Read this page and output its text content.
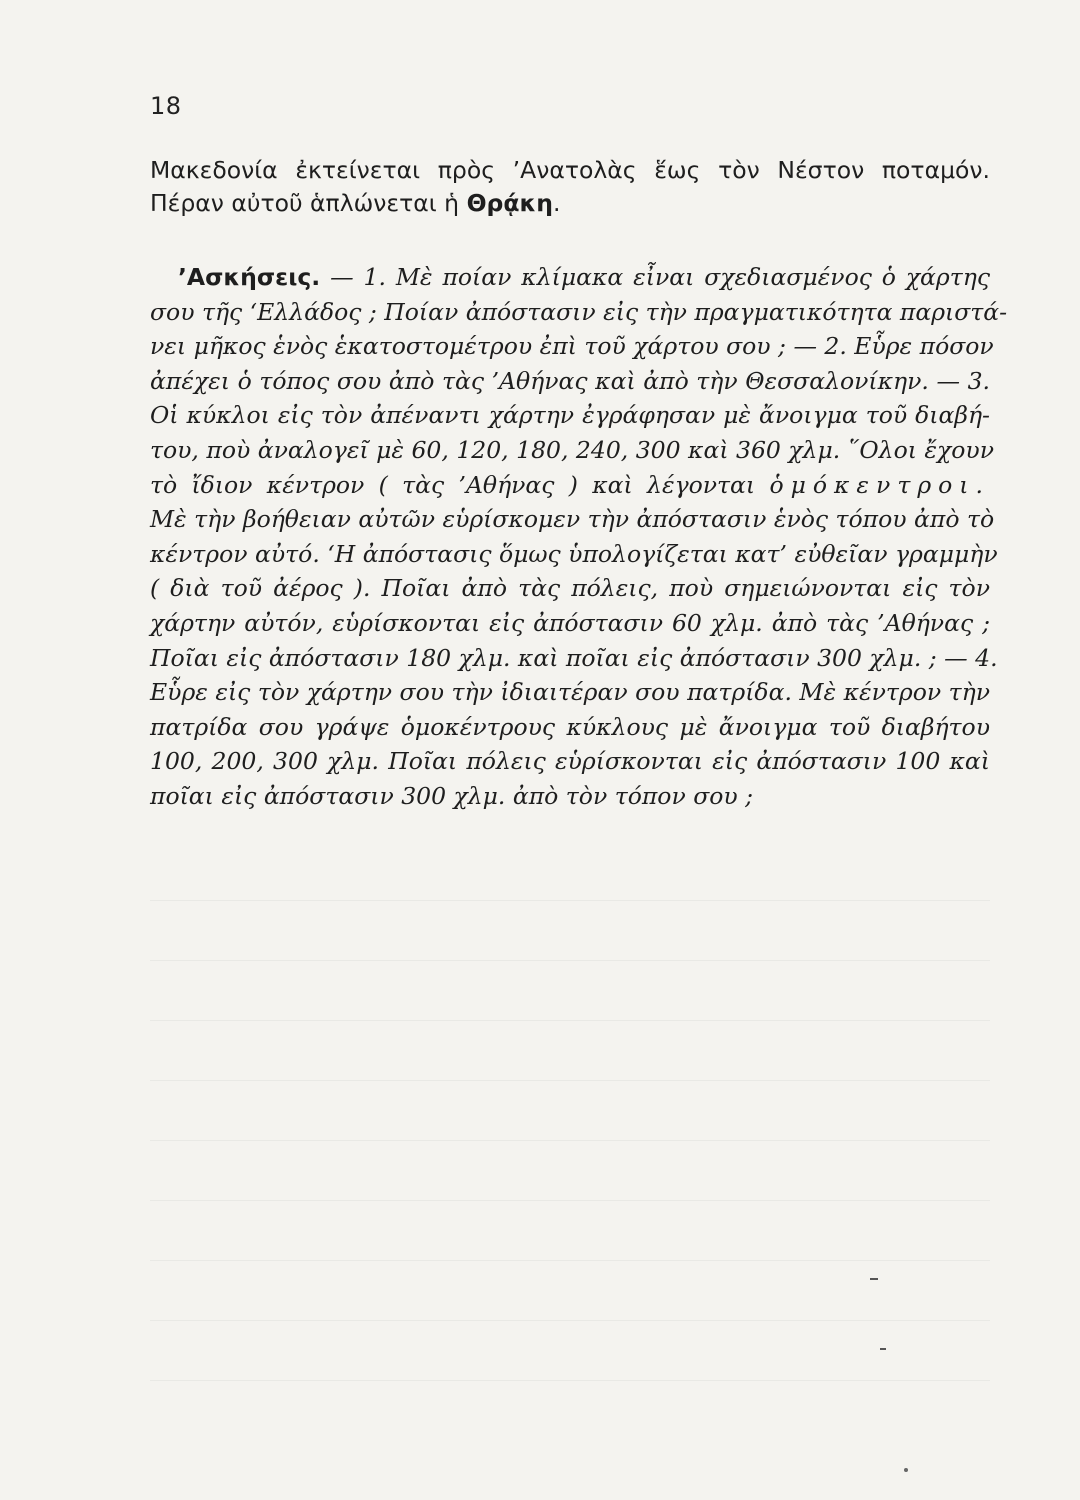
18
Μακεδονία ἐκτείνεται πρὸς ’Ανατολὰς ἕως τὸν Νέστον ποταμόν.
Πέραν αὐτοῦ ἁπλώνεται ἡ Θρᾴκη.
’Ασκήσεις. — 1. Μὲ ποίαν κλίμακα εἶναι σχεδιασμένος ὁ χάρτης
σου τῆς ‘Ελλάδος ; Ποίαν ἀπόστασιν εἰς τὴν πραγματικότητα παριστά-
νει μῆκος ἑνὸς ἑκατοστομέτρου ἐπὶ τοῦ χάρτου σου ; — 2. Εὗρε πόσον
ἀπέχει ὁ τόπος σου ἀπὸ τὰς ’Αθήνας καὶ ἀπὸ τὴν Θεσσαλονίκην. — 3.
Οἱ κύκλοι εἰς τὸν ἀπέναντι χάρτην ἐγράφησαν μὲ ἄνοιγμα τοῦ διαβή-
του, ποὺ ἀναλογεῖ μὲ 60, 120, 180, 240, 300 καὶ 360 χλμ. ῞Ολοι ἔχουν
τὸ ἴδιον κέντρον ( τὰς ’Αθήνας ) καὶ λέγονται ὁμόκεντροι.
Μὲ τὴν βοήθειαν αὐτῶν εὑρίσκομεν τὴν ἀπόστασιν ἑνὸς τόπου ἀπὸ τὸ
κέντρον αὐτό. ‘Η ἀπόστασις ὅμως ὑπολογίζεται κατ’ εὐθεῖαν γραμμὴν
( διὰ τοῦ ἀέρος ). Ποῖαι ἀπὸ τὰς πόλεις, ποὺ σημειώνονται εἰς τὸν
χάρτην αὐτόν, εὑρίσκονται εἰς ἀπόστασιν 60 χλμ. ἀπὸ τὰς ’Αθήνας ;
Ποῖαι εἰς ἀπόστασιν 180 χλμ. καὶ ποῖαι εἰς ἀπόστασιν 300 χλμ. ; — 4.
Εὗρε εἰς τὸν χάρτην σου τὴν ἰδιαιτέραν σου πατρίδα. Μὲ κέντρον τὴν
πατρίδα σου γράψε ὁμοκέντρους κύκλους μὲ ἄνοιγμα τοῦ διαβήτου
100, 200, 300 χλμ. Ποῖαι πόλεις εὑρίσκονται εἰς ἀπόστασιν 100 καὶ
ποῖαι εἰς ἀπόστασιν 300 χλμ. ἀπὸ τὸν τόπον σου ;
